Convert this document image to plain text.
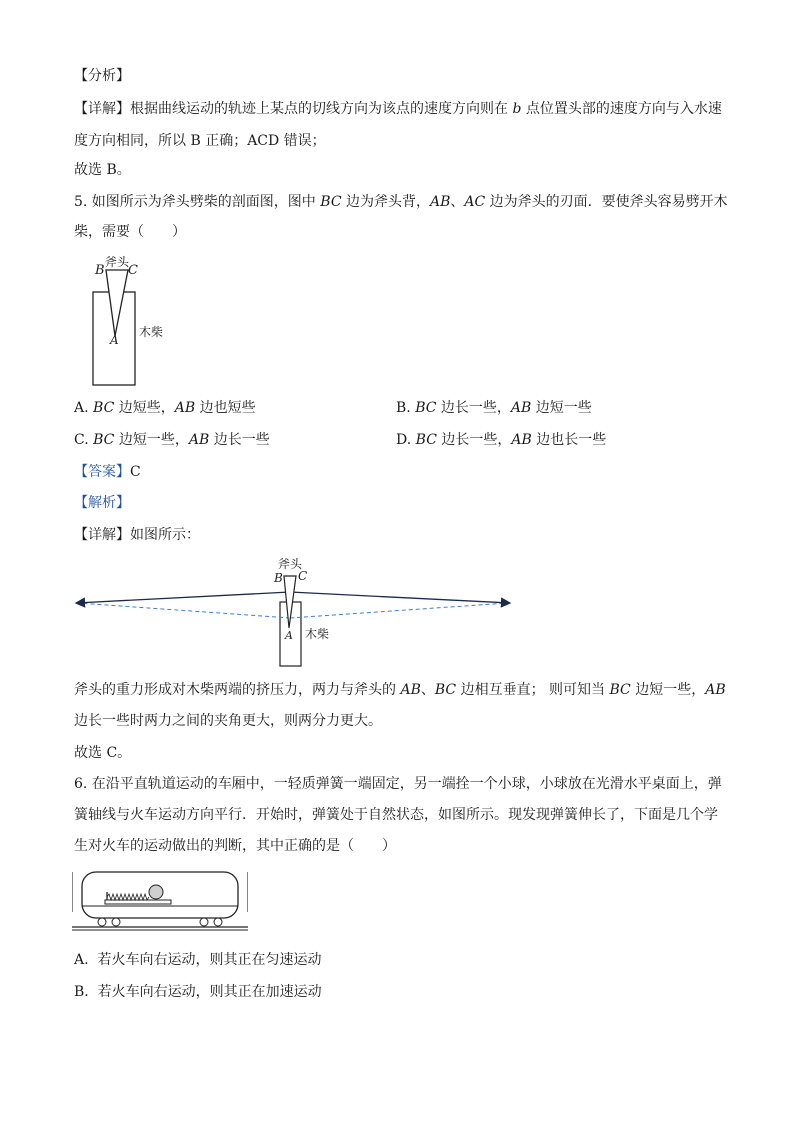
【分析】
【详解】根据曲线运动的轨迹上某点的切线方向为该点的速度方向则在 b 点位置头部的速度方向与入水速
度方向相同，所以 B 正确；ACD 错误；
故选 B。
5. 如图所示为斧头劈柴的剖面图，图中 BC 边为斧头背，AB、AC 边为斧头的刃面．要使斧头容易劈开木
柴，需要（　　）
斧头
B C
A
木柴
A. BC 边短些，AB 边也短些	B. BC 边长一些，AB 边短一些
C. BC 边短一些，AB 边长一些	D. BC 边长一些，AB 边也长一些
【答案】C
【解析】
【详解】如图所示：
斧头
B C
A 木柴
斧头的重力形成对木柴两端的挤压力，两力与斧头的 AB、BC 边相互垂直； 则可知当 BC 边短一些，AB
边长一些时两力之间的夹角更大，则两分力更大。
故选 C。
6. 在沿平直轨道运动的车厢中，一轻质弹簧一端固定，另一端拴一个小球，小球放在光滑水平桌面上，弹
簧轴线与火车运动方向平行．开始时，弹簧处于自然状态，如图所示。现发现弹簧伸长了，下面是几个学
生对火车的运动做出的判断，其中正确的是（　　）
A. 若火车向右运动，则其正在匀速运动
B. 若火车向右运动，则其正在加速运动
